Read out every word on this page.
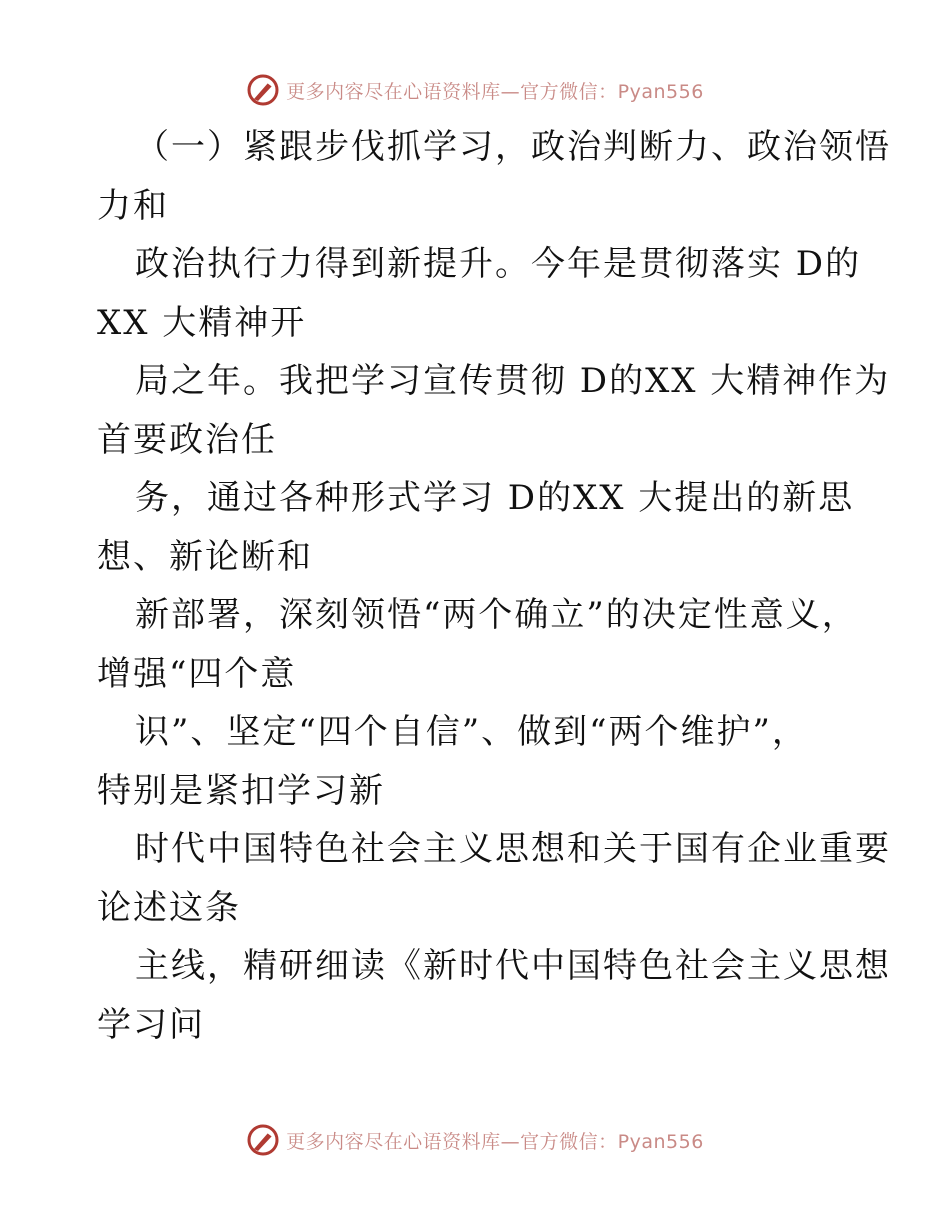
更多内容尽在心语资料库—官方微信：Pyan556
（一）紧跟步伐抓学习，政治判断力、政治领悟
力和
政治执行力得到新提升。今年是贯彻落实 D的
XX 大精神开
局之年。我把学习宣传贯彻 D的XX 大精神作为
首要政治任
务，通过各种形式学习 D的XX 大提出的新思
想、新论断和
新部署，深刻领悟“两个确立”的决定性意义，
增强“四个意
识”、坚定“四个自信”、做到“两个维护”，
特别是紧扣学习新
时代中国特色社会主义思想和关于国有企业重要
论述这条
主线，精研细读《新时代中国特色社会主义思想
学习问
更多内容尽在心语资料库—官方微信：Pyan556
